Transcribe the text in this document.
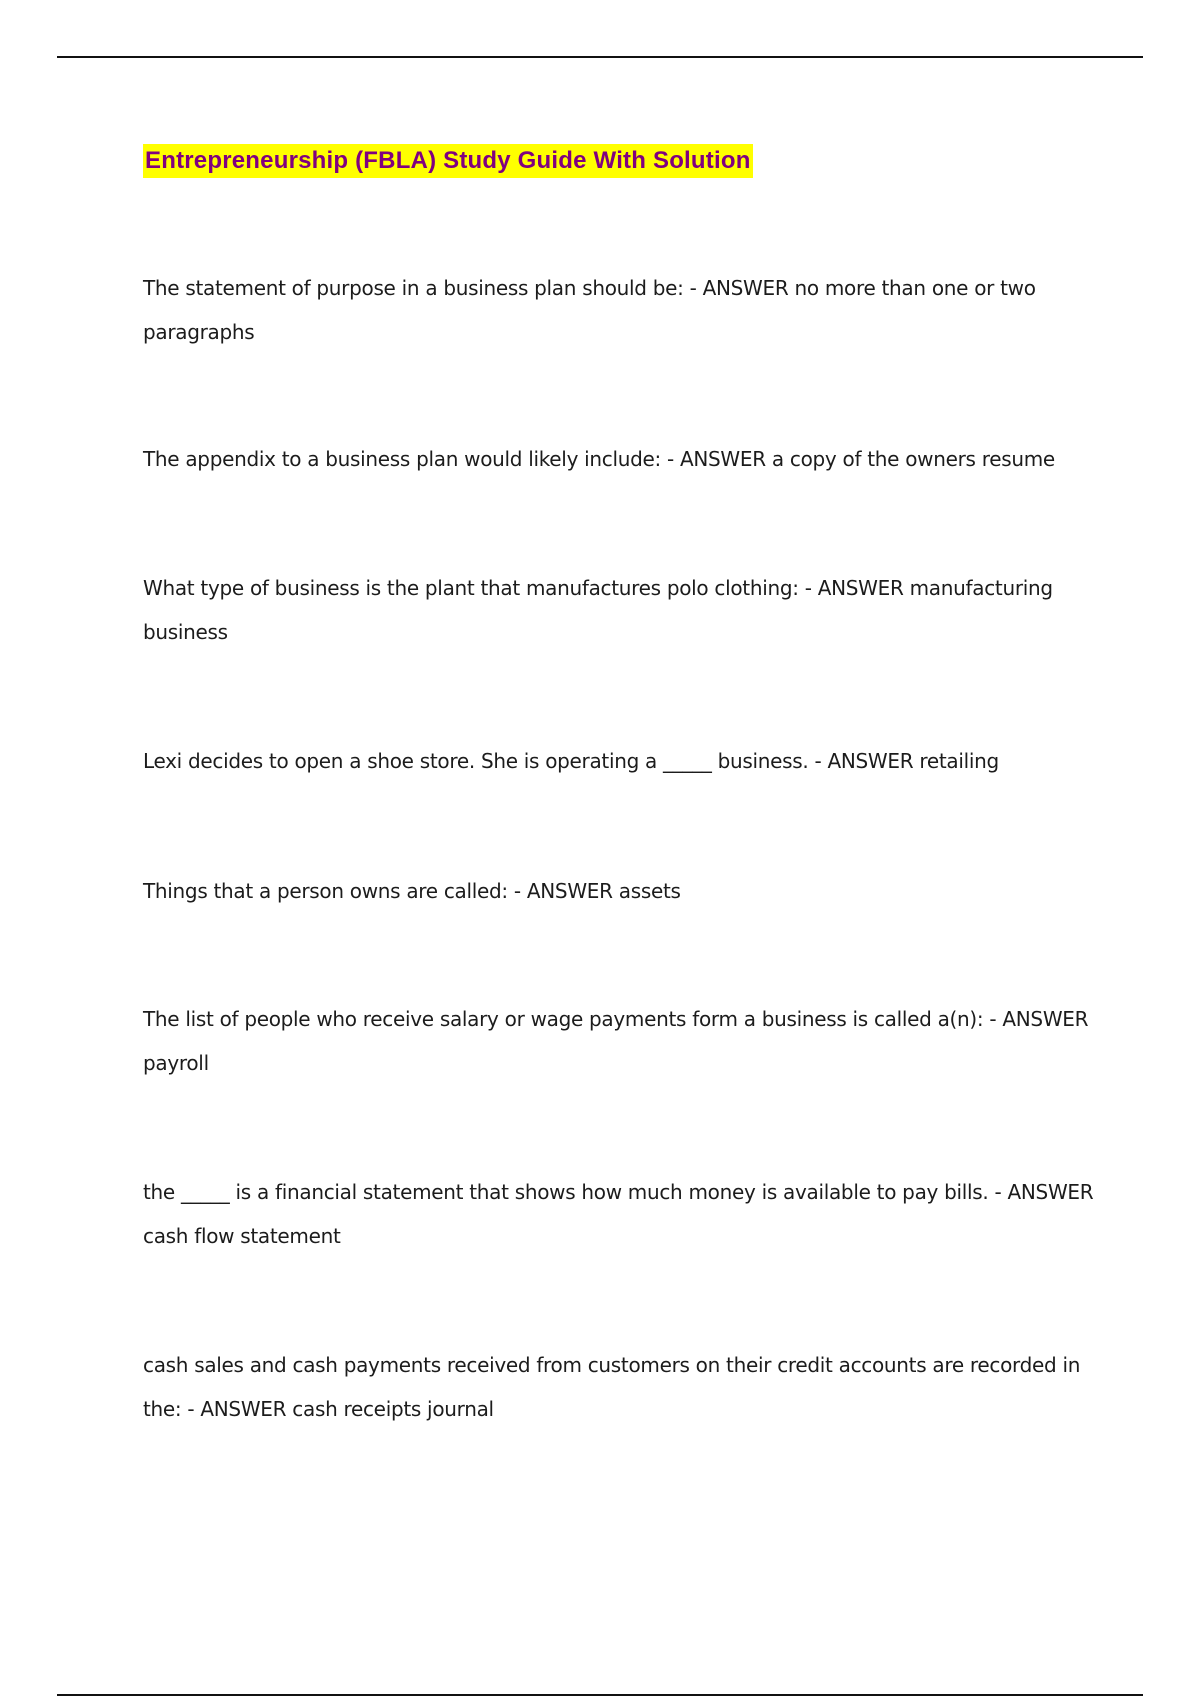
Entrepreneurship (FBLA) Study Guide With Solution

The statement of purpose in a business plan should be: - ANSWER no more than one or two paragraphs

The appendix to a business plan would likely include: - ANSWER a copy of the owners resume

What type of business is the plant that manufactures polo clothing: - ANSWER manufacturing business

Lexi decides to open a shoe store. She is operating a _____ business. - ANSWER retailing

Things that a person owns are called: - ANSWER assets

The list of people who receive salary or wage payments form a business is called a(n): - ANSWER payroll

the _____ is a financial statement that shows how much money is available to pay bills. - ANSWER cash flow statement

cash sales and cash payments received from customers on their credit accounts are recorded in the: - ANSWER cash receipts journal
